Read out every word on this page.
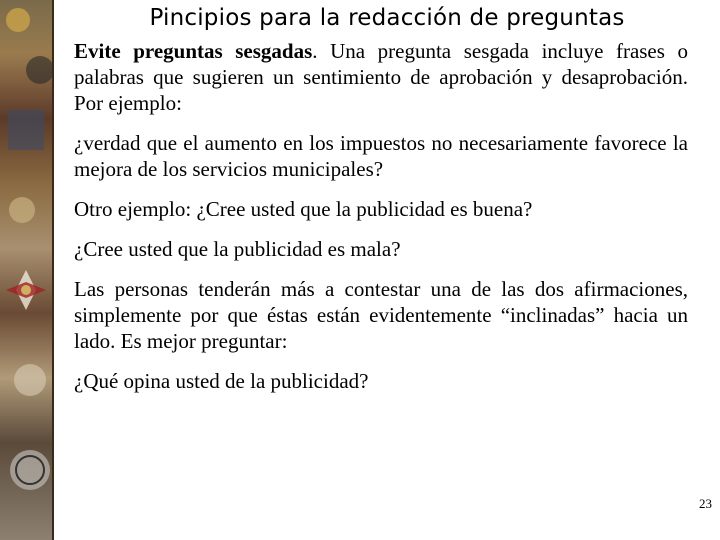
Pincipios para la redacción de preguntas

Evite preguntas sesgadas. Una pregunta sesgada incluye frases o palabras que sugieren un sentimiento de aprobación y desaprobación. Por ejemplo:

¿verdad que el aumento en los impuestos no necesariamente favorece la mejora de los servicios municipales?

Otro ejemplo: ¿Cree usted que la publicidad es buena?

¿Cree usted que la publicidad es mala?

Las personas tenderán más a contestar una de las dos afirmaciones, simplemente por que éstas están evidentemente “inclinadas” hacia un lado. Es mejor preguntar:

¿Qué opina usted de la publicidad?

23
